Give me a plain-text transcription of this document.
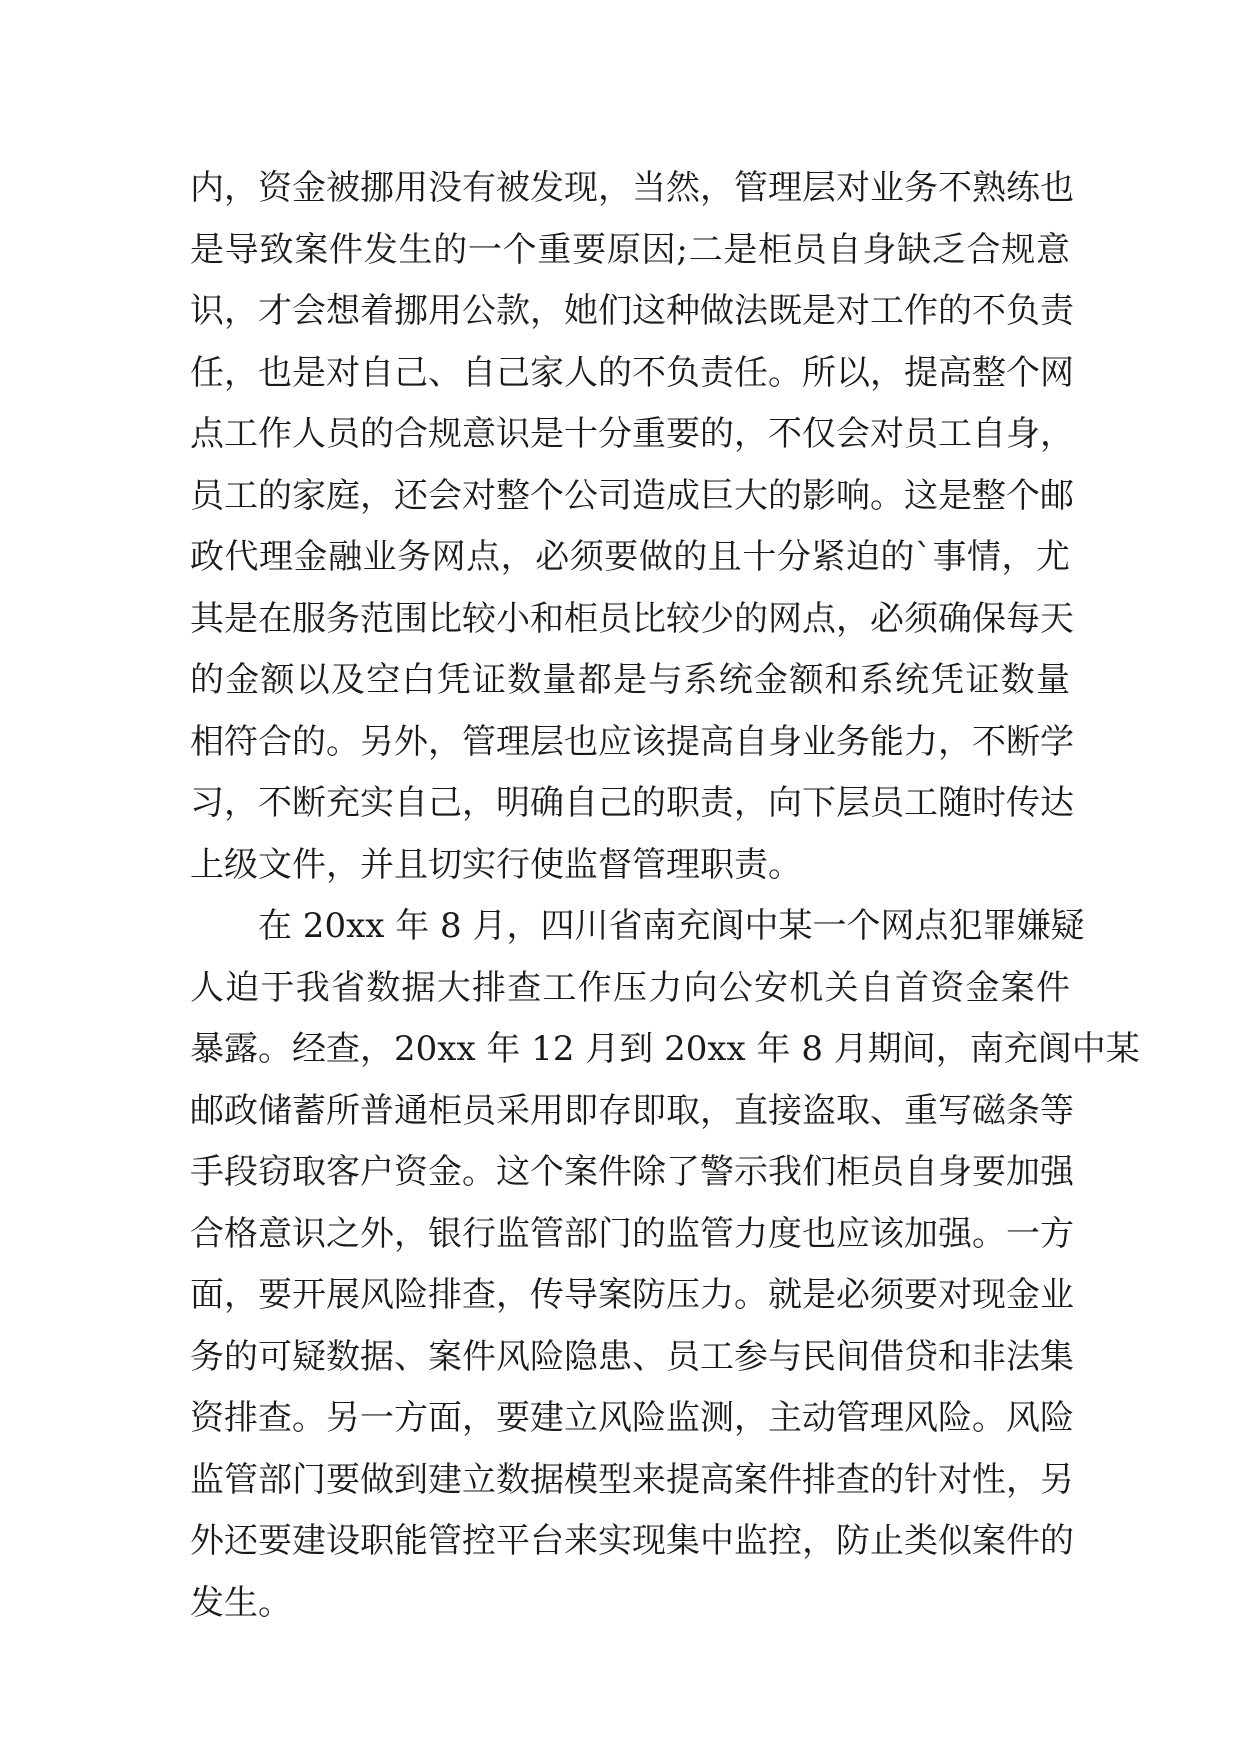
内，资金被挪用没有被发现，当然，管理层对业务不熟练也
是导致案件发生的一个重要原因;二是柜员自身缺乏合规意
识，才会想着挪用公款，她们这种做法既是对工作的不负责
任，也是对自己、自己家人的不负责任。所以，提高整个网
点工作人员的合规意识是十分重要的，不仅会对员工自身，
员工的家庭，还会对整个公司造成巨大的影响。这是整个邮
政代理金融业务网点，必须要做的且十分紧迫的`事情，尤
其是在服务范围比较小和柜员比较少的网点，必须确保每天
的金额以及空白凭证数量都是与系统金额和系统凭证数量
相符合的。另外，管理层也应该提高自身业务能力，不断学
习，不断充实自己，明确自己的职责，向下层员工随时传达
上级文件，并且切实行使监督管理职责。
在 20xx 年 8 月，四川省南充阆中某一个网点犯罪嫌疑
人迫于我省数据大排查工作压力向公安机关自首资金案件
暴露。经查，20xx 年 12 月到 20xx 年 8 月期间，南充阆中某
邮政储蓄所普通柜员采用即存即取，直接盗取、重写磁条等
手段窃取客户资金。这个案件除了警示我们柜员自身要加强
合格意识之外，银行监管部门的监管力度也应该加强。一方
面，要开展风险排查，传导案防压力。就是必须要对现金业
务的可疑数据、案件风险隐患、员工参与民间借贷和非法集
资排查。另一方面，要建立风险监测，主动管理风险。风险
监管部门要做到建立数据模型来提高案件排查的针对性，另
外还要建设职能管控平台来实现集中监控，防止类似案件的
发生。
